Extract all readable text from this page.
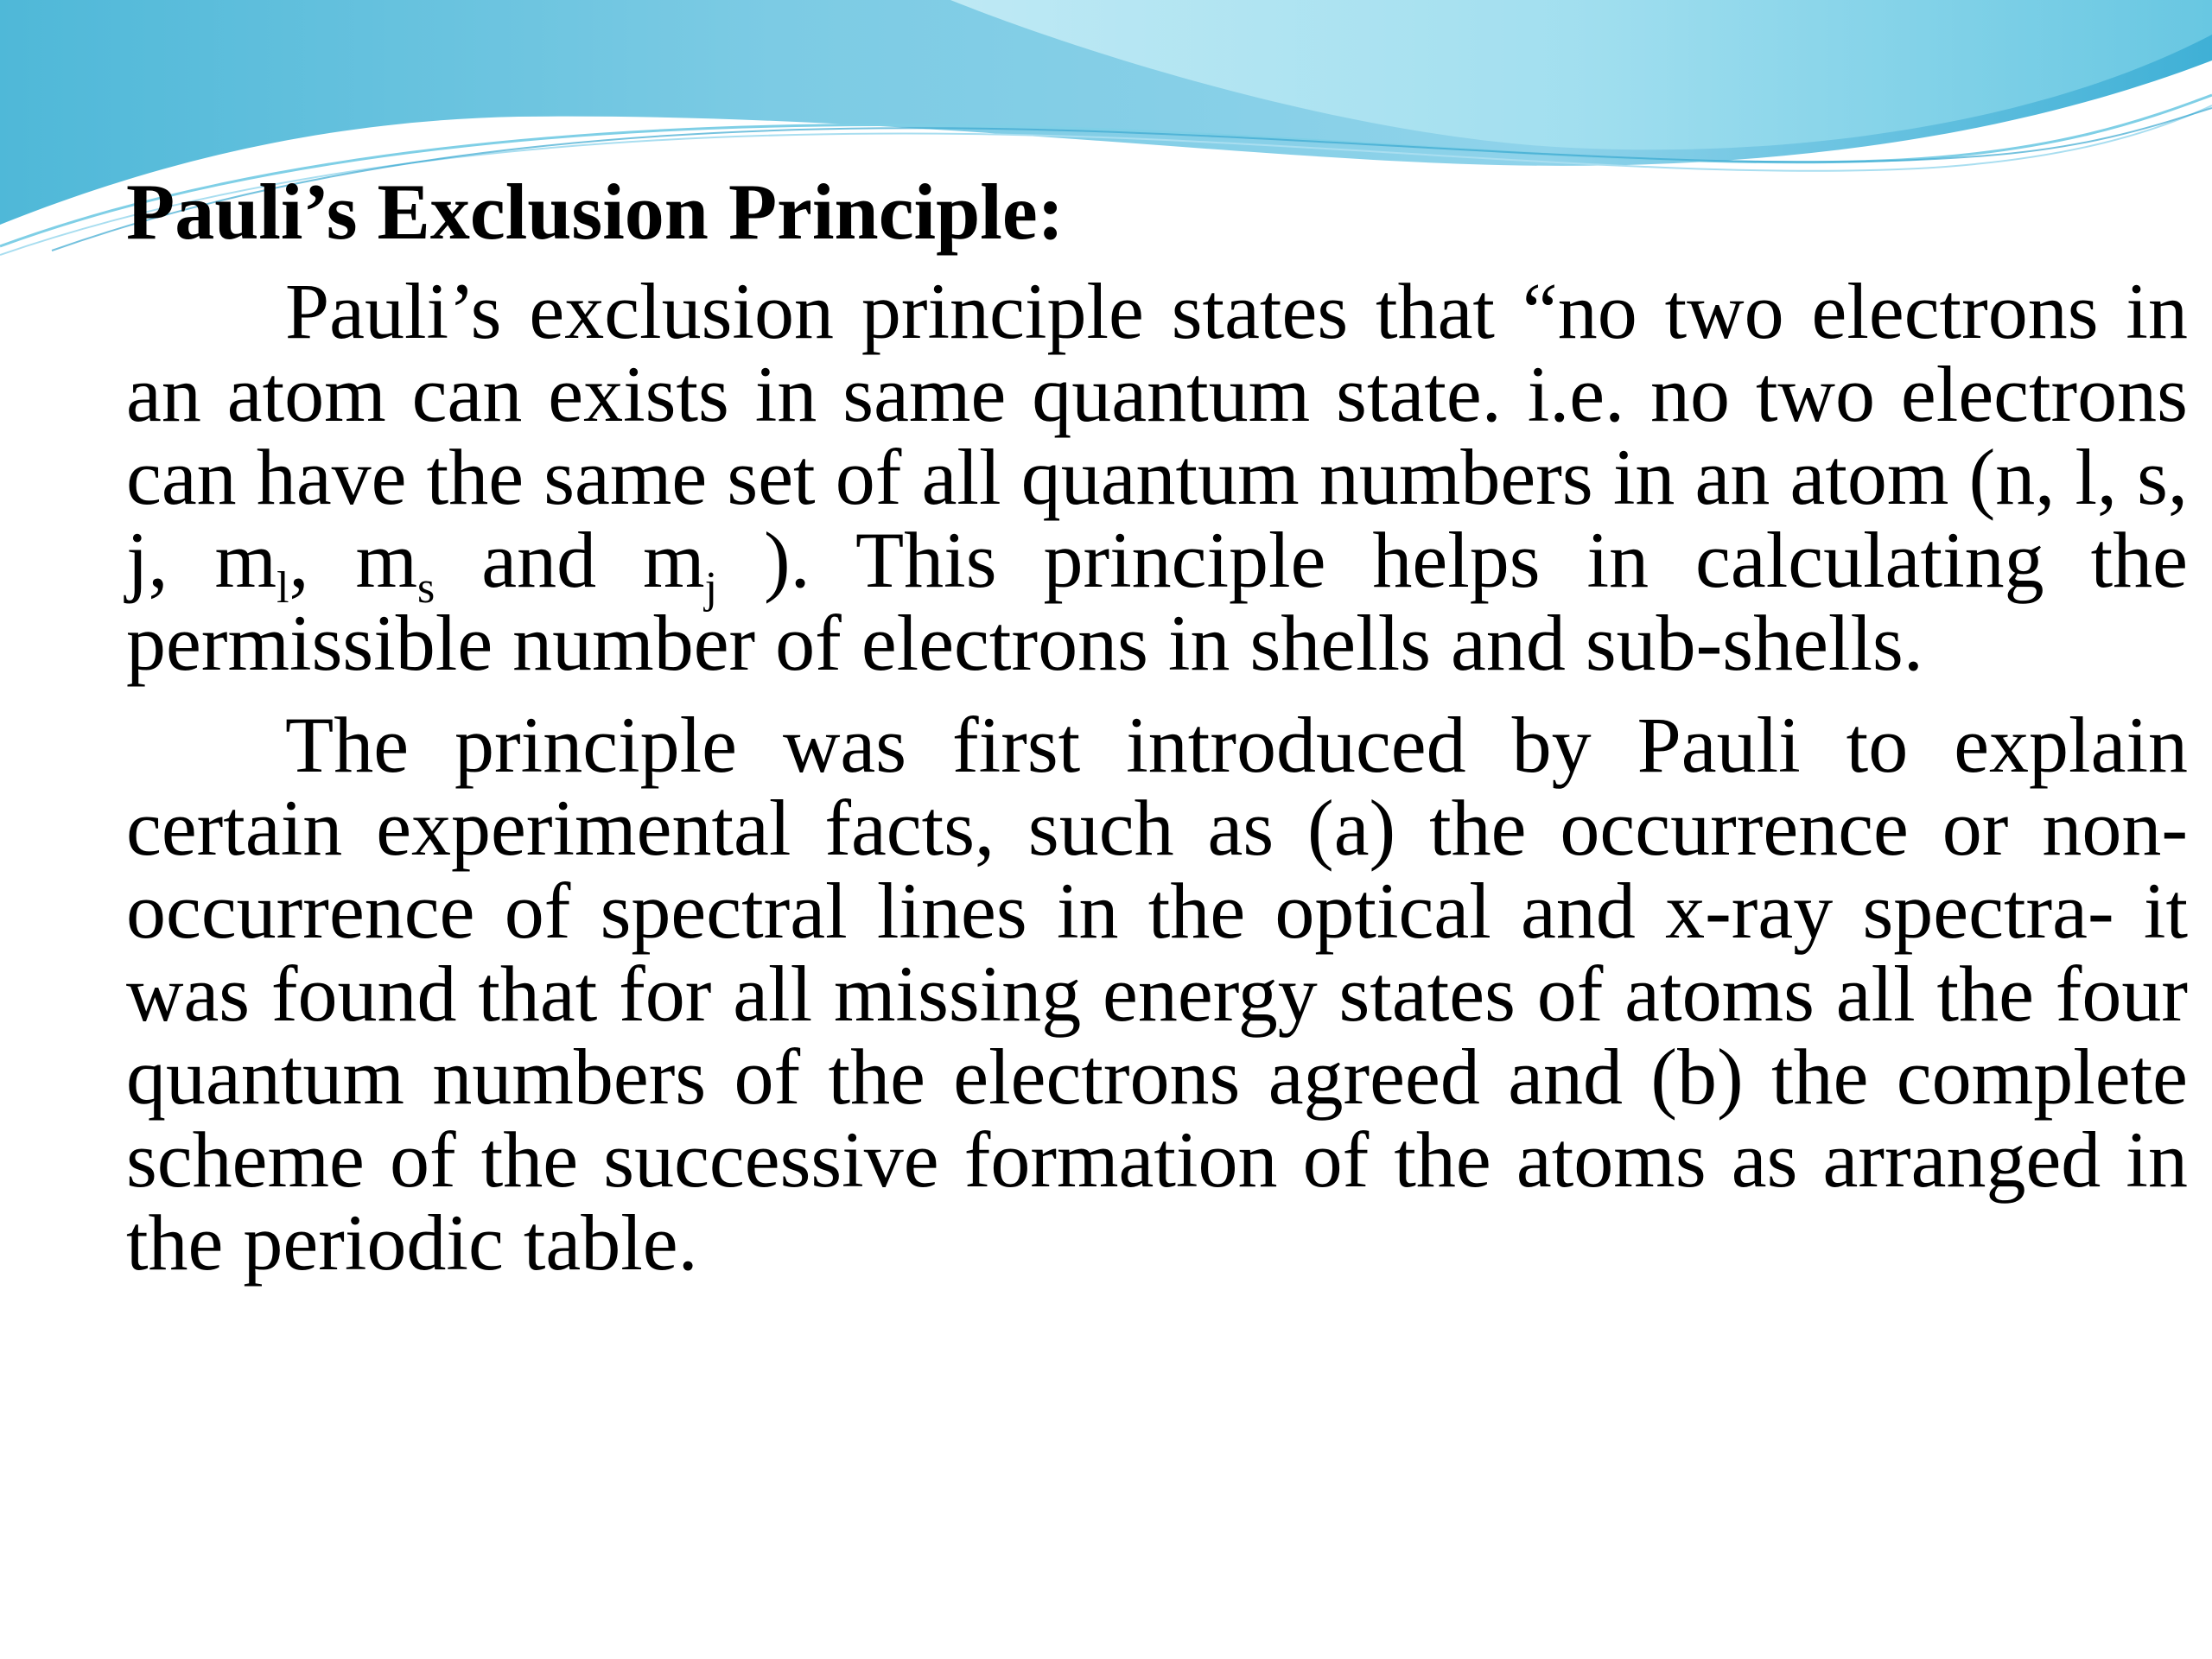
Pauli’s Exclusion Principle:

Pauli’s exclusion principle states that “no two electrons in an atom can exists in same quantum state. i.e. no two electrons can have the same set of all quantum numbers in an atom (n, l, s, j, $m_l$, $m_s$ and $m_j$ ). This principle helps in calculating the permissible number of electrons in shells and sub-shells.

The principle was first introduced by Pauli to explain certain experimental facts, such as (a) the occurrence or non-occurrence of spectral lines in the optical and x-ray spectra- it was found that for all missing energy states of atoms all the four quantum numbers of the electrons agreed and (b) the complete scheme of the successive formation of the atoms as arranged in the periodic table.
